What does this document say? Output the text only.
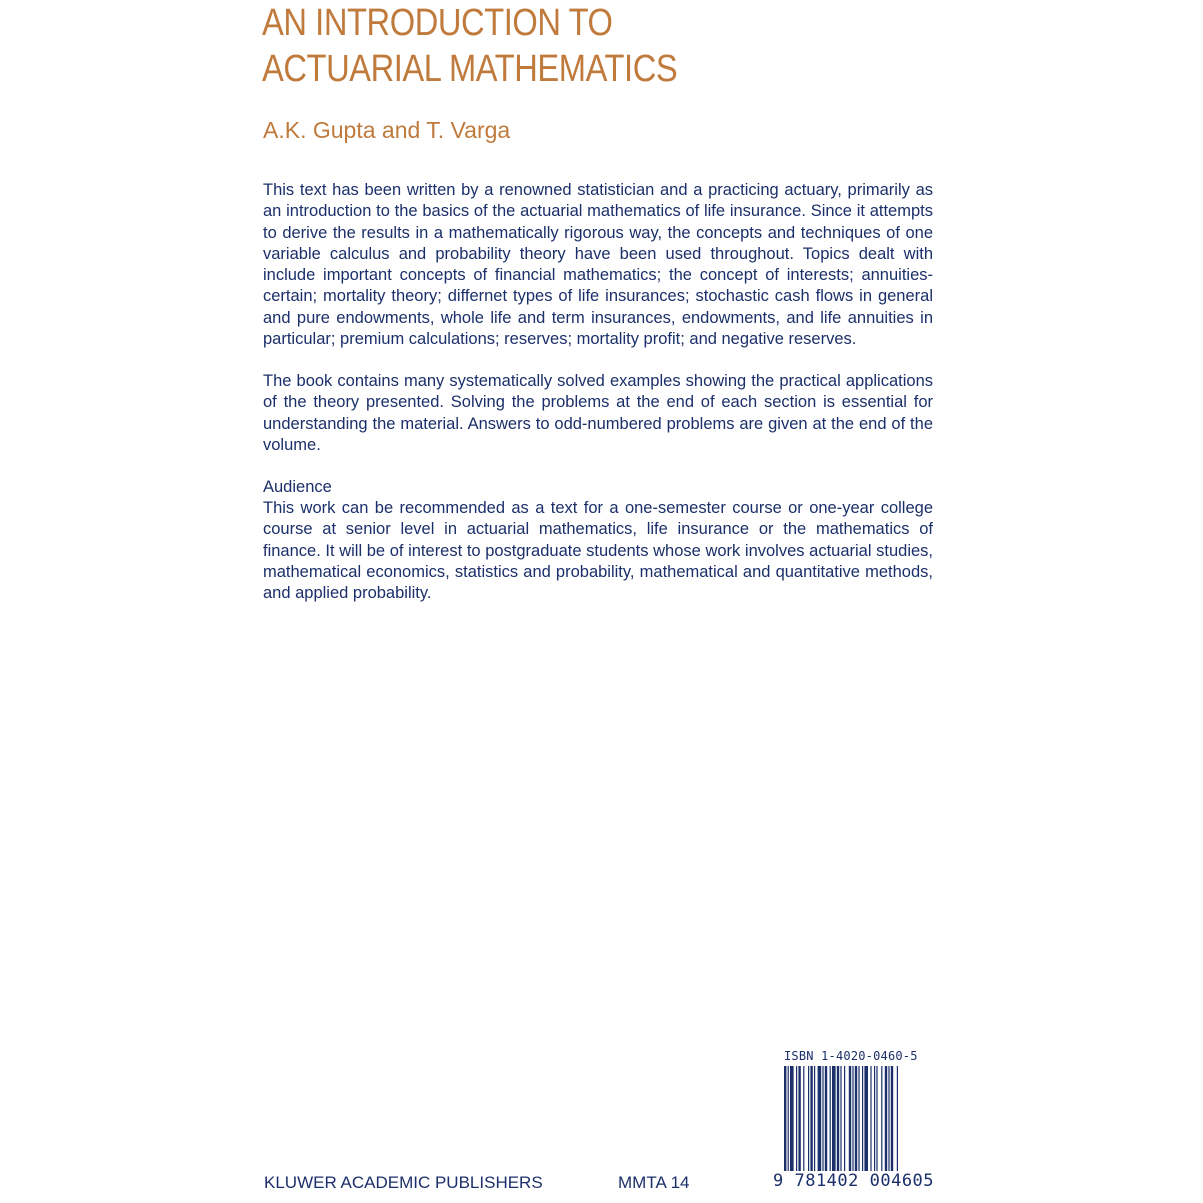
AN INTRODUCTION TO
ACTUARIAL MATHEMATICS
A.K. Gupta and T. Varga
This text has been written by a renowned statistician and a practicing actuary, primarily as an introduction to the basics of the actuarial mathematics of life insurance. Since it attempts to derive the results in a mathematically rigorous way, the concepts and techniques of one variable calculus and probability theory have been used throughout. Topics dealt with include important concepts of financial mathematics; the concept of interests; annuities-certain; mortality theory; differnet types of life insurances; stochastic cash flows in general and pure endowments, whole life and term insurances, endowments, and life annuities in particular; premium calculations; reserves; mortality profit; and negative reserves.
The book contains many systematically solved examples showing the practical applications of the theory presented. Solving the problems at the end of each section is essential for understanding the material. Answers to odd-numbered problems are given at the end of the volume.
Audience
This work can be recommended as a text for a one-semester course or one-year college course at senior level in actuarial mathematics, life insurance or the mathematics of finance. It will be of interest to postgraduate students whose work involves actuarial studies, mathematical economics, statistics and probability, mathematical and quantitative methods, and applied probability.
ISBN 1-4020-0460-5
9 781402 004605
KLUWER ACADEMIC PUBLISHERS	MMTA 14
